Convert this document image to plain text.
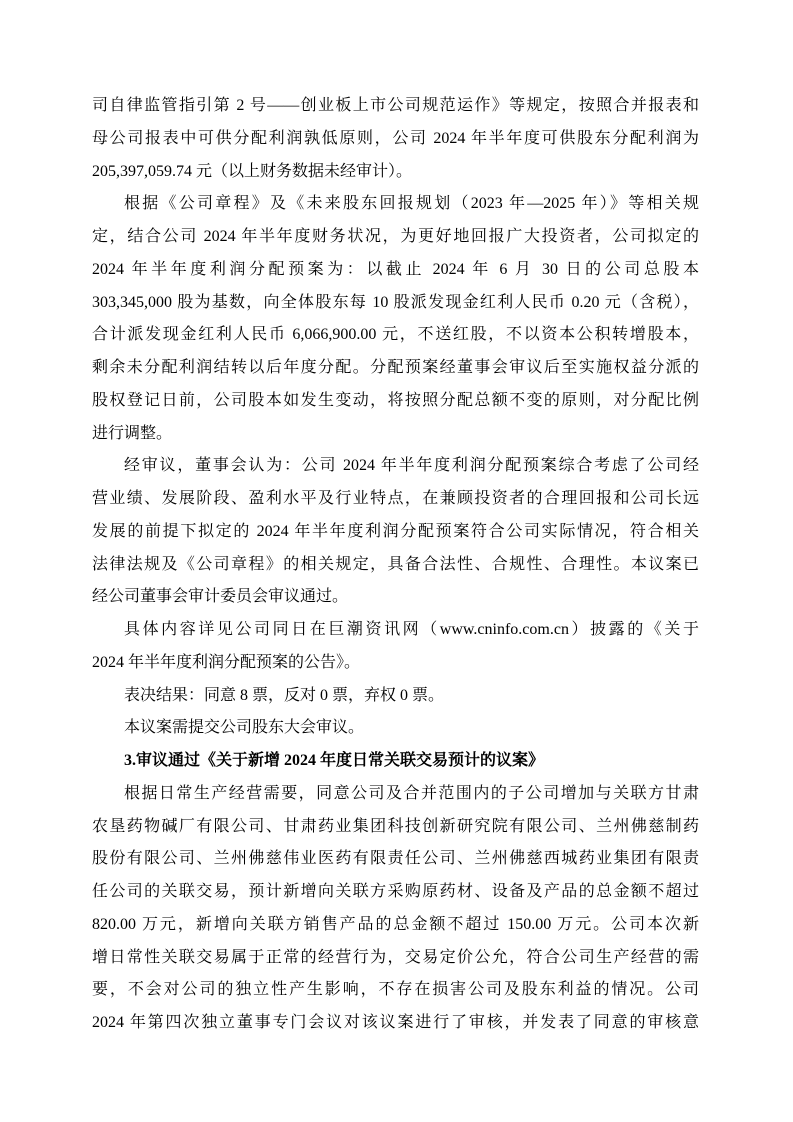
司自律监管指引第 2 号——创业板上市公司规范运作》等规定，按照合并报表和
母公司报表中可供分配利润孰低原则，公司 2024 年半年度可供股东分配利润为
205,397,059.74 元（以上财务数据未经审计）。
根据《公司章程》及《未来股东回报规划（2023 年—2025 年）》等相关规
定，结合公司 2024 年半年度财务状况，为更好地回报广大投资者，公司拟定的
2024 年半年度利润分配预案为：以截止 2024 年 6 月 30 日的公司总股本
303,345,000 股为基数，向全体股东每 10 股派发现金红利人民币 0.20 元（含税），
合计派发现金红利人民币 6,066,900.00 元，不送红股，不以资本公积转增股本，
剩余未分配利润结转以后年度分配。分配预案经董事会审议后至实施权益分派的
股权登记日前，公司股本如发生变动，将按照分配总额不变的原则，对分配比例
进行调整。
经审议，董事会认为：公司 2024 年半年度利润分配预案综合考虑了公司经
营业绩、发展阶段、盈利水平及行业特点，在兼顾投资者的合理回报和公司长远
发展的前提下拟定的 2024 年半年度利润分配预案符合公司实际情况，符合相关
法律法规及《公司章程》的相关规定，具备合法性、合规性、合理性。本议案已
经公司董事会审计委员会审议通过。
具体内容详见公司同日在巨潮资讯网（www.cninfo.com.cn）披露的《关于
2024 年半年度利润分配预案的公告》。
表决结果：同意 8 票，反对 0 票，弃权 0 票。
本议案需提交公司股东大会审议。
3.审议通过《关于新增 2024 年度日常关联交易预计的议案》
根据日常生产经营需要，同意公司及合并范围内的子公司增加与关联方甘肃
农垦药物碱厂有限公司、甘肃药业集团科技创新研究院有限公司、兰州佛慈制药
股份有限公司、兰州佛慈伟业医药有限责任公司、兰州佛慈西城药业集团有限责
任公司的关联交易，预计新增向关联方采购原药材、设备及产品的总金额不超过
820.00 万元，新增向关联方销售产品的总金额不超过 150.00 万元。公司本次新
增日常性关联交易属于正常的经营行为，交易定价公允，符合公司生产经营的需
要，不会对公司的独立性产生影响，不存在损害公司及股东利益的情况。公司
2024 年第四次独立董事专门会议对该议案进行了审核，并发表了同意的审核意
